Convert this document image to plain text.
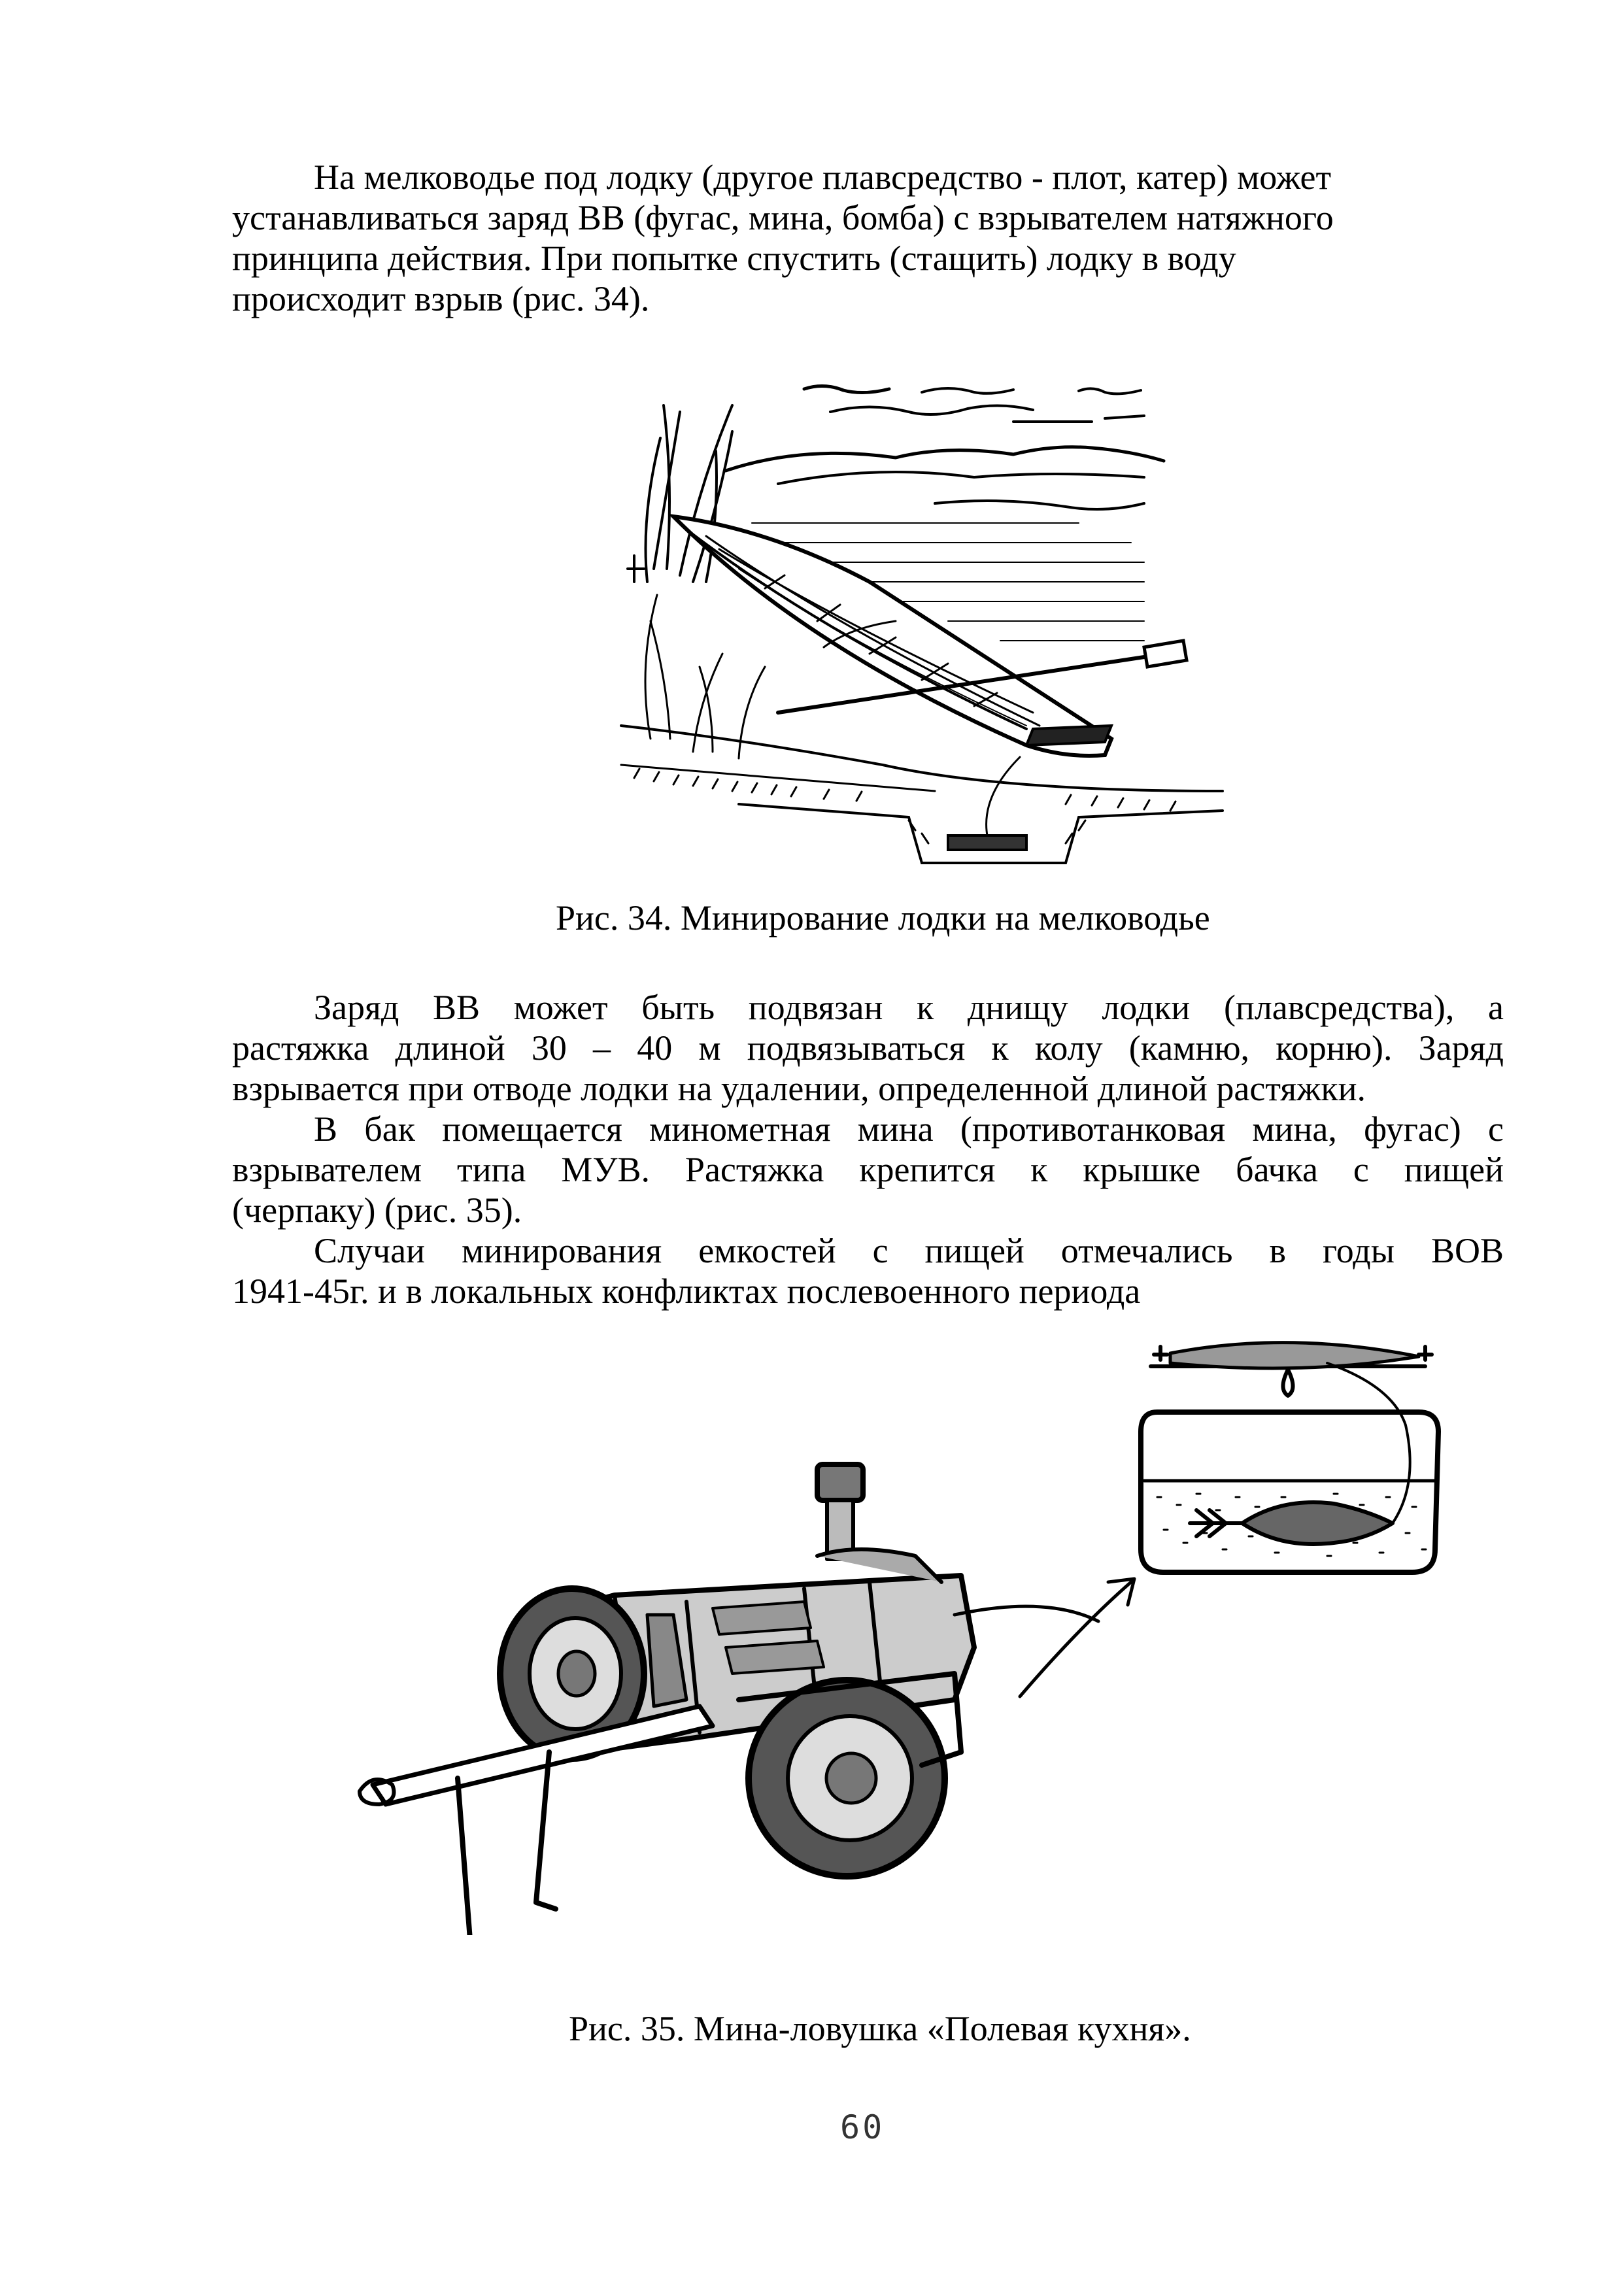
На мелководье под лодку (другое плавсредство - плот, катер) может
устанавливаться заряд ВВ (фугас, мина, бомба) с взрывателем натяжного
принципа действия. При попытке спустить (стащить) лодку в воду
происходит взрыв (рис. 34).
Рис. 34. Минирование лодки на мелководье
Заряд ВВ может быть подвязан к днищу лодки (плавсредства), а
растяжка длиной 30 – 40 м подвязываться к колу (камню, корню). Заряд
взрывается при отводе лодки на удалении, определенной длиной растяжки.
В бак помещается минометная мина (противотанковая мина, фугас) с
взрывателем типа МУВ. Растяжка крепится к крышке бачка с пищей
(черпаку) (рис. 35).
Случаи минирования емкостей с пищей отмечались в годы ВОВ
1941-45г. и в локальных конфликтах послевоенного периода
Рис. 35. Мина-ловушка «Полевая кухня».
60
